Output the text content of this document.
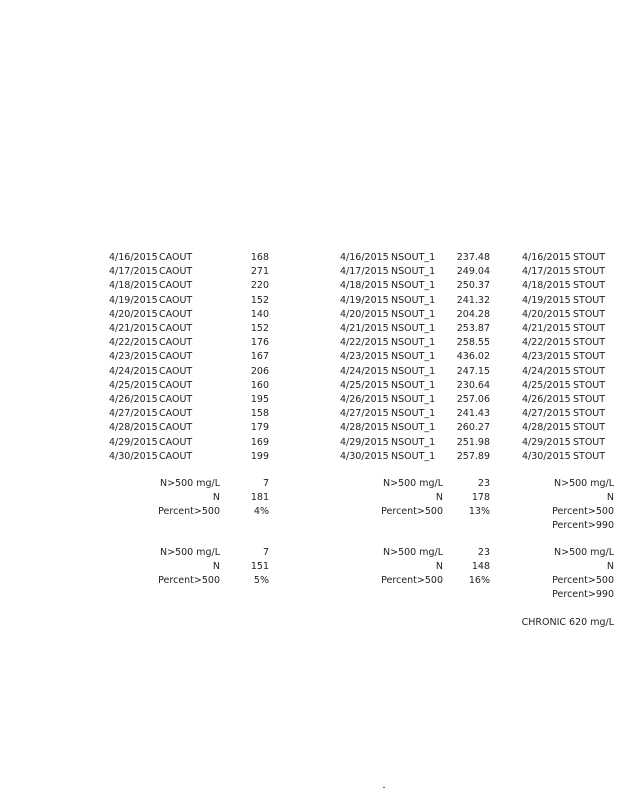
4/16/2015 CAOUT	168
4/17/2015 CAOUT	271
4/18/2015 CAOUT	220
4/19/2015 CAOUT	152
4/20/2015 CAOUT	140
4/21/2015 CAOUT	152
4/22/2015 CAOUT	176
4/23/2015 CAOUT	167
4/24/2015 CAOUT	206
4/25/2015 CAOUT	160
4/26/2015 CAOUT	195
4/27/2015 CAOUT	158
4/28/2015 CAOUT	179
4/29/2015 CAOUT	169
4/30/2015 CAOUT	199
N>500 mg/L	7
N	181
Percent>500	4%
N>500 mg/L	7
N	151
Percent>500	5%
4/16/2015 NSOUT_1	237.48
4/17/2015 NSOUT_1	249.04
4/18/2015 NSOUT_1	250.37
4/19/2015 NSOUT_1	241.32
4/20/2015 NSOUT_1	204.28
4/21/2015 NSOUT_1	253.87
4/22/2015 NSOUT_1	258.55
4/23/2015 NSOUT_1	436.02
4/24/2015 NSOUT_1	247.15
4/25/2015 NSOUT_1	230.64
4/26/2015 NSOUT_1	257.06
4/27/2015 NSOUT_1	241.43
4/28/2015 NSOUT_1	260.27
4/29/2015 NSOUT_1	251.98
4/30/2015 NSOUT_1	257.89
N>500 mg/L	23
N	178
Percent>500	13%
N>500 mg/L	23
N	148
Percent>500	16%
4/16/2015 STOUT
4/17/2015 STOUT
4/18/2015 STOUT
4/19/2015 STOUT
4/20/2015 STOUT
4/21/2015 STOUT
4/22/2015 STOUT
4/23/2015 STOUT
4/24/2015 STOUT
4/25/2015 STOUT
4/26/2015 STOUT
4/27/2015 STOUT
4/28/2015 STOUT
4/29/2015 STOUT
4/30/2015 STOUT
N>500 mg/L
N
Percent>500
Percent>990
N>500 mg/L
N
Percent>500
Percent>990
CHRONIC 620 mg/L
